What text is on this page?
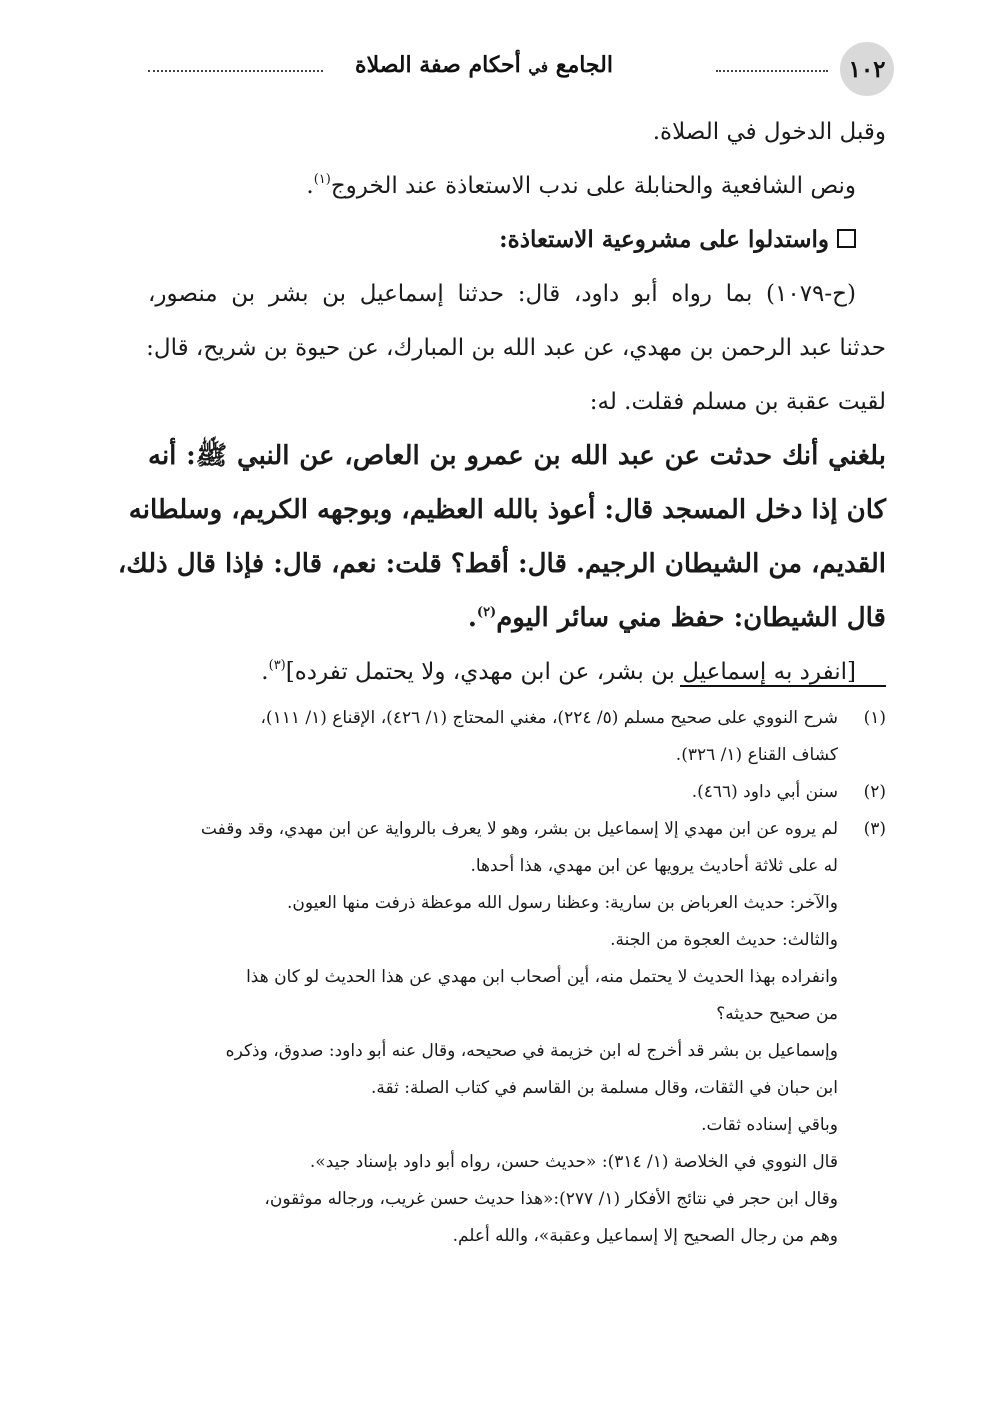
١٠٢
الجامع في أحكام صفة الصلاة
وقبل الدخول في الصلاة.
ونص الشافعية والحنابلة على ندب الاستعاذة عند الخروج$^{(١)}$.
واستدلوا على مشروعية الاستعاذة:
(ح-١٠٧٩) بما رواه أبو داود، قال: حدثنا إسماعيل بن بشر بن منصور،
حدثنا عبد الرحمن بن مهدي، عن عبد الله بن المبارك، عن حيوة بن شريح، قال:
لقيت عقبة بن مسلم فقلت. له:
بلغني أنك حدثت عن عبد الله بن عمرو بن العاص، عن النبي ﷺ: أنه
كان إذا دخل المسجد قال: أعوذ بالله العظيم، وبوجهه الكريم، وسلطانه
القديم، من الشيطان الرجيم. قال: أقط؟ قلت: نعم، قال: فإذا قال ذلك،
قال الشيطان: حفظ مني سائر اليوم$^{(٢)}$.
[انفرد به إسماعيل بن بشر، عن ابن مهدي، ولا يحتمل تفرده]$^{(٣)}$.
(١)
شرح النووي على صحيح مسلم (٥/ ٢٢٤)، مغني المحتاج (١/ ٤٢٦)، الإقناع (١/ ١١١)،
كشاف القناع (١/ ٣٢٦).
(٢)
سنن أبي داود (٤٦٦).
(٣)
لم يروه عن ابن مهدي إلا إسماعيل بن بشر، وهو لا يعرف بالرواية عن ابن مهدي، وقد وقفت
له على ثلاثة أحاديث يرويها عن ابن مهدي، هذا أحدها.
والآخر: حديث العرباض بن سارية: وعظنا رسول الله موعظة ذرفت منها العيون.
والثالث: حديث العجوة من الجنة.
وانفراده بهذا الحديث لا يحتمل منه، أين أصحاب ابن مهدي عن هذا الحديث لو كان هذا
من صحيح حديثه؟
وإسماعيل بن بشر قد أخرج له ابن خزيمة في صحيحه، وقال عنه أبو داود: صدوق، وذكره
ابن حبان في الثقات، وقال مسلمة بن القاسم في كتاب الصلة: ثقة.
وباقي إسناده ثقات.
قال النووي في الخلاصة (١/ ٣١٤): «حديث حسن، رواه أبو داود بإسناد جيد».
وقال ابن حجر في نتائج الأفكار (١/ ٢٧٧):«هذا حديث حسن غريب، ورجاله موثقون،
وهم من رجال الصحيح إلا إسماعيل وعقبة»، والله أعلم.
